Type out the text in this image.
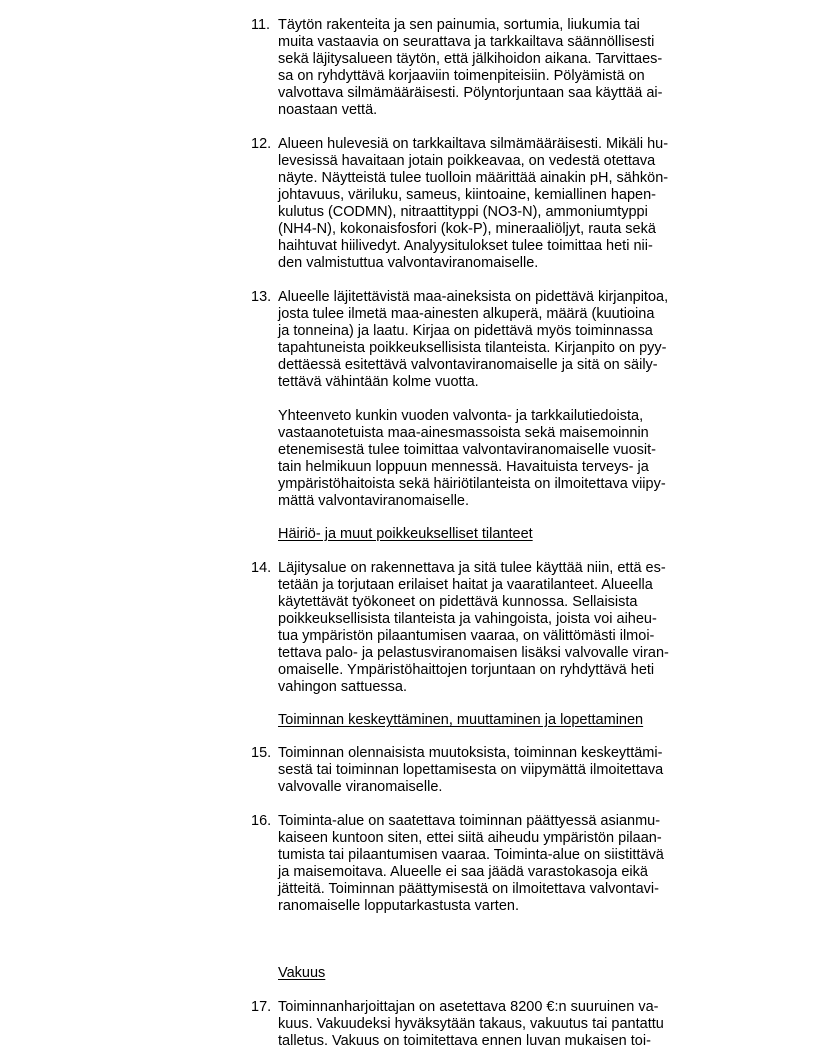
11. Täytön rakenteita ja sen painumia, sortumia, liukumia tai
muita vastaavia on seurattava ja tarkkailtava säännöllisesti
sekä läjitysalueen täytön, että jälkihoidon aikana. Tarvittaes-
sa on ryhdyttävä korjaaviin toimenpiteisiin. Pölyämistä on
valvottava silmämääräisesti. Pölyntorjuntaan saa käyttää ai-
noastaan vettä.
12. Alueen hulevesiä on tarkkailtava silmämääräisesti. Mikäli hu-
levesissä havaitaan jotain poikkeavaa, on vedestä otettava
näyte. Näytteistä tulee tuolloin määrittää ainakin pH, sähkön-
johtavuus, väriluku, sameus, kiintoaine, kemiallinen hapen-
kulutus (CODMN), nitraattityppi (NO3-N), ammoniumtyppi
(NH4-N), kokonaisfosfori (kok-P), mineraaliöljyt, rauta sekä
haihtuvat hiilivedyt. Analyysitulokset tulee toimittaa heti nii-
den valmistuttua valvontaviranomaiselle.
13. Alueelle läjitettävistä maa-aineksista on pidettävä kirjanpitoa,
josta tulee ilmetä maa-ainesten alkuperä, määrä (kuutioina
ja tonneina) ja laatu. Kirjaa on pidettävä myös toiminnassa
tapahtuneista poikkeuksellisista tilanteista. Kirjanpito on pyy-
dettäessä esitettävä valvontaviranomaiselle ja sitä on säily-
tettävä vähintään kolme vuotta.
Yhteenveto kunkin vuoden valvonta- ja tarkkailutiedoista,
vastaanotetuista maa-ainesmassoista sekä maisemoinnin
etenemisestä tulee toimittaa valvontaviranomaiselle vuosit-
tain helmikuun loppuun mennessä. Havaituista terveys- ja
ympäristöhaitoista sekä häiriötilanteista on ilmoitettava viipy-
mättä valvontaviranomaiselle.
Häiriö- ja muut poikkeukselliset tilanteet
14. Läjitysalue on rakennettava ja sitä tulee käyttää niin, että es-
tetään ja torjutaan erilaiset haitat ja vaaratilanteet. Alueella
käytettävät työkoneet on pidettävä kunnossa. Sellaisista
poikkeuksellisista tilanteista ja vahingoista, joista voi aiheu-
tua ympäristön pilaantumisen vaaraa, on välittömästi ilmoi-
tettava palo- ja pelastusviranomaisen lisäksi valvovalle viran-
omaiselle. Ympäristöhaittojen torjuntaan on ryhdyttävä heti
vahingon sattuessa.
Toiminnan keskeyttäminen, muuttaminen ja lopettaminen
15. Toiminnan olennaisista muutoksista, toiminnan keskeyttämi-
sestä tai toiminnan lopettamisesta on viipymättä ilmoitettava
valvovalle viranomaiselle.
16. Toiminta-alue on saatettava toiminnan päättyessä asianmu-
kaiseen kuntoon siten, ettei siitä aiheudu ympäristön pilaan-
tumista tai pilaantumisen vaaraa. Toiminta-alue on siistittävä
ja maisemoitava. Alueelle ei saa jäädä varastokasoja eikä
jätteitä. Toiminnan päättymisestä on ilmoitettava valvontavi-
ranomaiselle lopputarkastusta varten.
Vakuus
17. Toiminnanharjoittajan on asetettava 8200 €:n suuruinen va-
kuus. Vakuudeksi hyväksytään takaus, vakuutus tai pantattu
talletus. Vakuus on toimitettava ennen luvan mukaisen toi-
